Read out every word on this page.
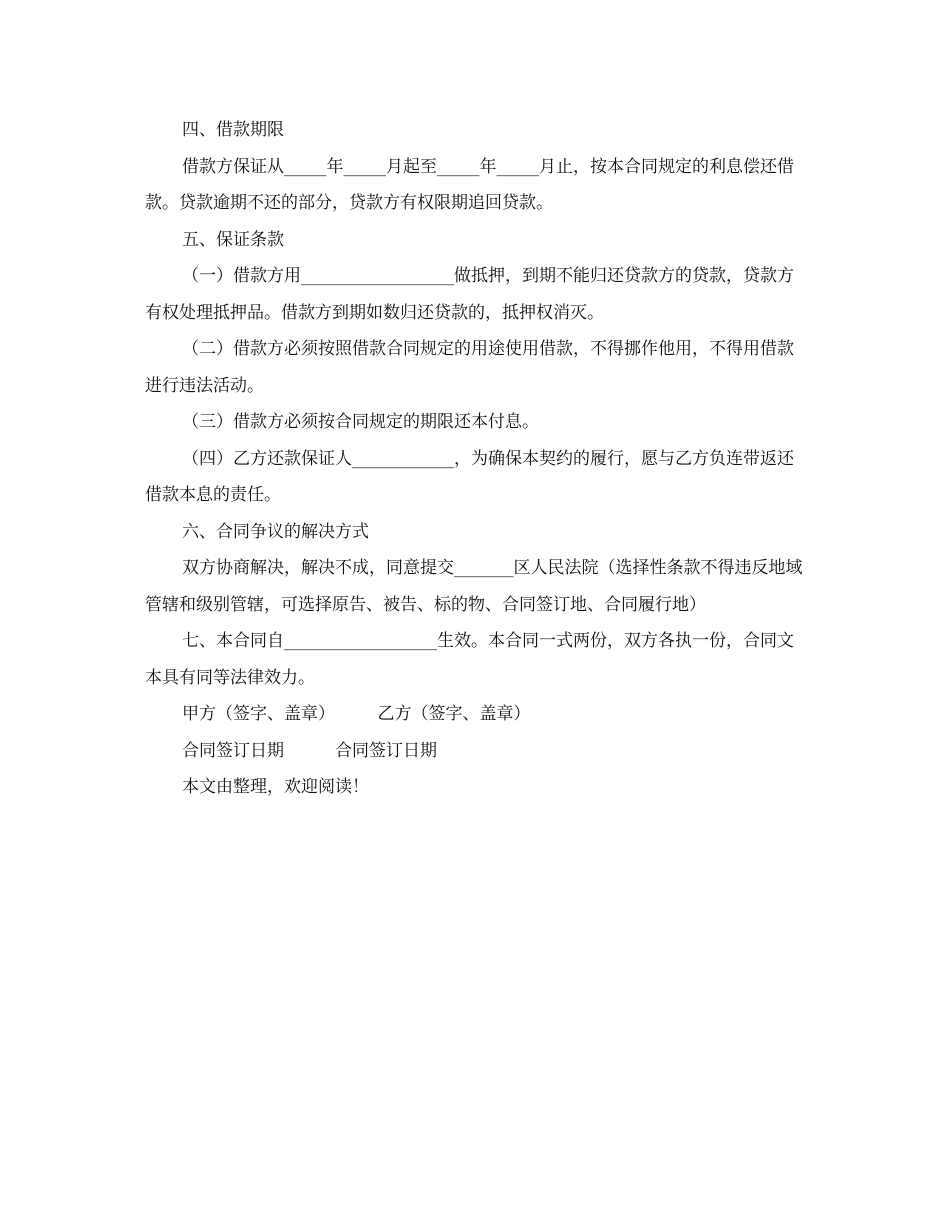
四、借款期限

借款方保证从_____年_____月起至_____年_____月止，按本合同规定的利息偿还借款。贷款逾期不还的部分，贷款方有权限期追回贷款。

五、保证条款

（一）借款方用__________________做抵押，到期不能归还贷款方的贷款，贷款方有权处理抵押品。借款方到期如数归还贷款的，抵押权消灭。

（二）借款方必须按照借款合同规定的用途使用借款，不得挪作他用，不得用借款进行违法活动。

（三）借款方必须按合同规定的期限还本付息。

（四）乙方还款保证人____________，为确保本契约的履行，愿与乙方负连带返还借款本息的责任。

六、合同争议的解决方式

双方协商解决，解决不成，同意提交_______区人民法院（选择性条款不得违反地域管辖和级别管辖，可选择原告、被告、标的物、合同签订地、合同履行地）

七、本合同自__________________生效。本合同一式两份，双方各执一份，合同文本具有同等法律效力。

甲方（签字、盖章）　　　乙方（签字、盖章）

合同签订日期　　　合同签订日期

本文由整理，欢迎阅读！
